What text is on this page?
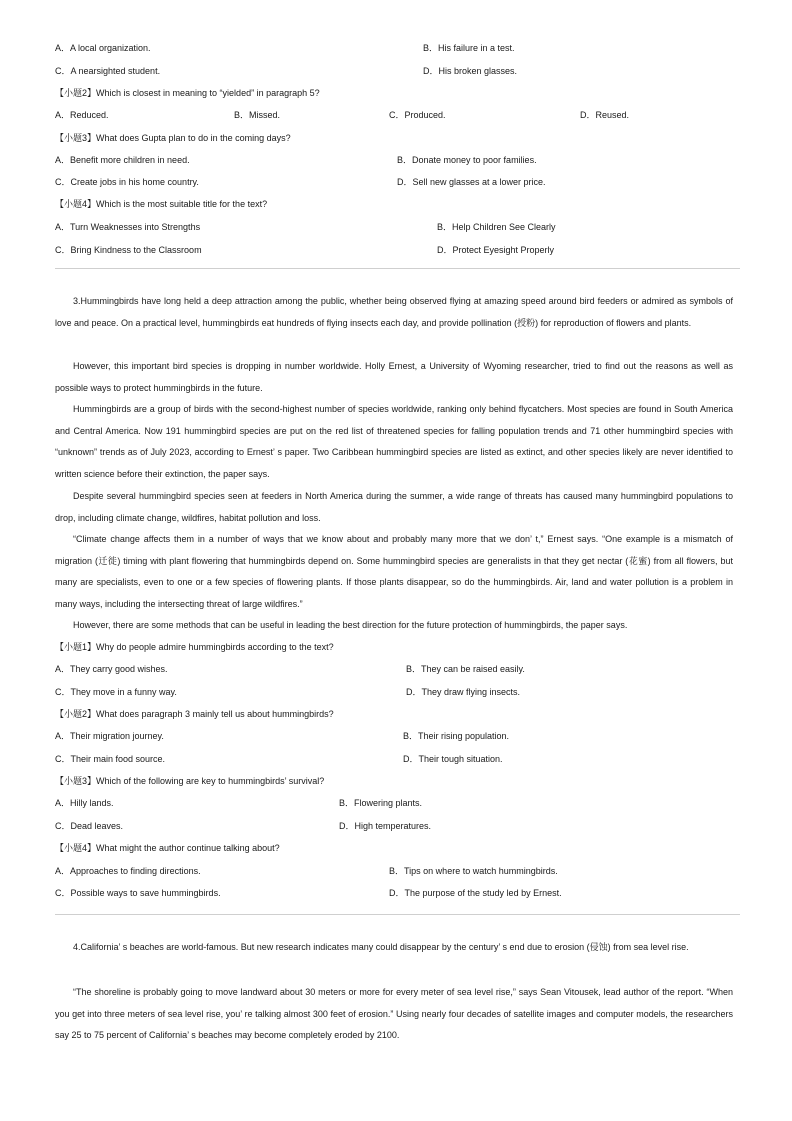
A．A local organization.	B．His failure in a test.
C．A nearsighted student.	D．His broken glasses.
【小题2】Which is closest in meaning to “yielded” in paragraph 5?
A．Reduced.	B．Missed.	C．Produced.	D．Reused.
【小题3】What does Gupta plan to do in the coming days?
A．Benefit more children in need.	B．Donate money to poor families.
C．Create jobs in his home country.	D．Sell new glasses at a lower price.
【小题4】Which is the most suitable title for the text?
A．Turn Weaknesses into Strengths	B．Help Children See Clearly
C．Bring Kindness to the Classroom	D．Protect Eyesight Properly
3.Hummingbirds have long held a deep attraction among the public, whether being observed flying at amazing speed around bird feeders or admired as symbols of love and peace. On a practical level, hummingbirds eat hundreds of flying insects each day, and provide pollination (授粉) for reproduction of flowers and plants.
However, this important bird species is dropping in number worldwide. Holly Ernest, a University of Wyoming researcher, tried to find out the reasons as well as possible ways to protect hummingbirds in the future.
Hummingbirds are a group of birds with the second-highest number of species worldwide, ranking only behind flycatchers. Most species are found in South America and Central America. Now 191 hummingbird species are put on the red list of threatened species for falling population trends and 71 other hummingbird species with “unknown” trends as of July 2023, according to Ernest’ s paper. Two Caribbean hummingbird species are listed as extinct, and other species likely are never identified to written science before their extinction, the paper says.
Despite several hummingbird species seen at feeders in North America during the summer, a wide range of threats has caused many hummingbird populations to drop, including climate change, wildfires, habitat pollution and loss.
“Climate change affects them in a number of ways that we know about and probably many more that we don’ t,” Ernest says. “One example is a mismatch of migration (迁徙) timing with plant flowering that hummingbirds depend on. Some hummingbird species are generalists in that they get nectar (花蜜) from all flowers, but many are specialists, even to one or a few species of flowering plants. If those plants disappear, so do the hummingbirds. Air, land and water pollution is a problem in many ways, including the intersecting threat of large wildfires.”
However, there are some methods that can be useful in leading the best direction for the future protection of hummingbirds, the paper says.
【小题1】Why do people admire hummingbirds according to the text?
A．They carry good wishes.	B．They can be raised easily.
C．They move in a funny way.	D．They draw flying insects.
【小题2】What does paragraph 3 mainly tell us about hummingbirds?
A．Their migration journey.	B．Their rising population.
C．Their main food source.	D．Their tough situation.
【小题3】Which of the following are key to hummingbirds’ survival?
A．Hilly lands.	B．Flowering plants.
C．Dead leaves.	D．High temperatures.
【小题4】What might the author continue talking about?
A．Approaches to finding directions.	B．Tips on where to watch hummingbirds.
C．Possible ways to save hummingbirds.	D．The purpose of the study led by Ernest.
4.California’ s beaches are world-famous. But new research indicates many could disappear by the century’ s end due to erosion (侵蚀) from sea level rise.
“The shoreline is probably going to move landward about 30 meters or more for every meter of sea level rise,” says Sean Vitousek, lead author of the report. “When you get into three meters of sea level rise, you’ re talking almost 300 feet of erosion.” Using nearly four decades of satellite images and computer models, the researchers say 25 to 75 percent of California’ s beaches may become completely eroded by 2100.
